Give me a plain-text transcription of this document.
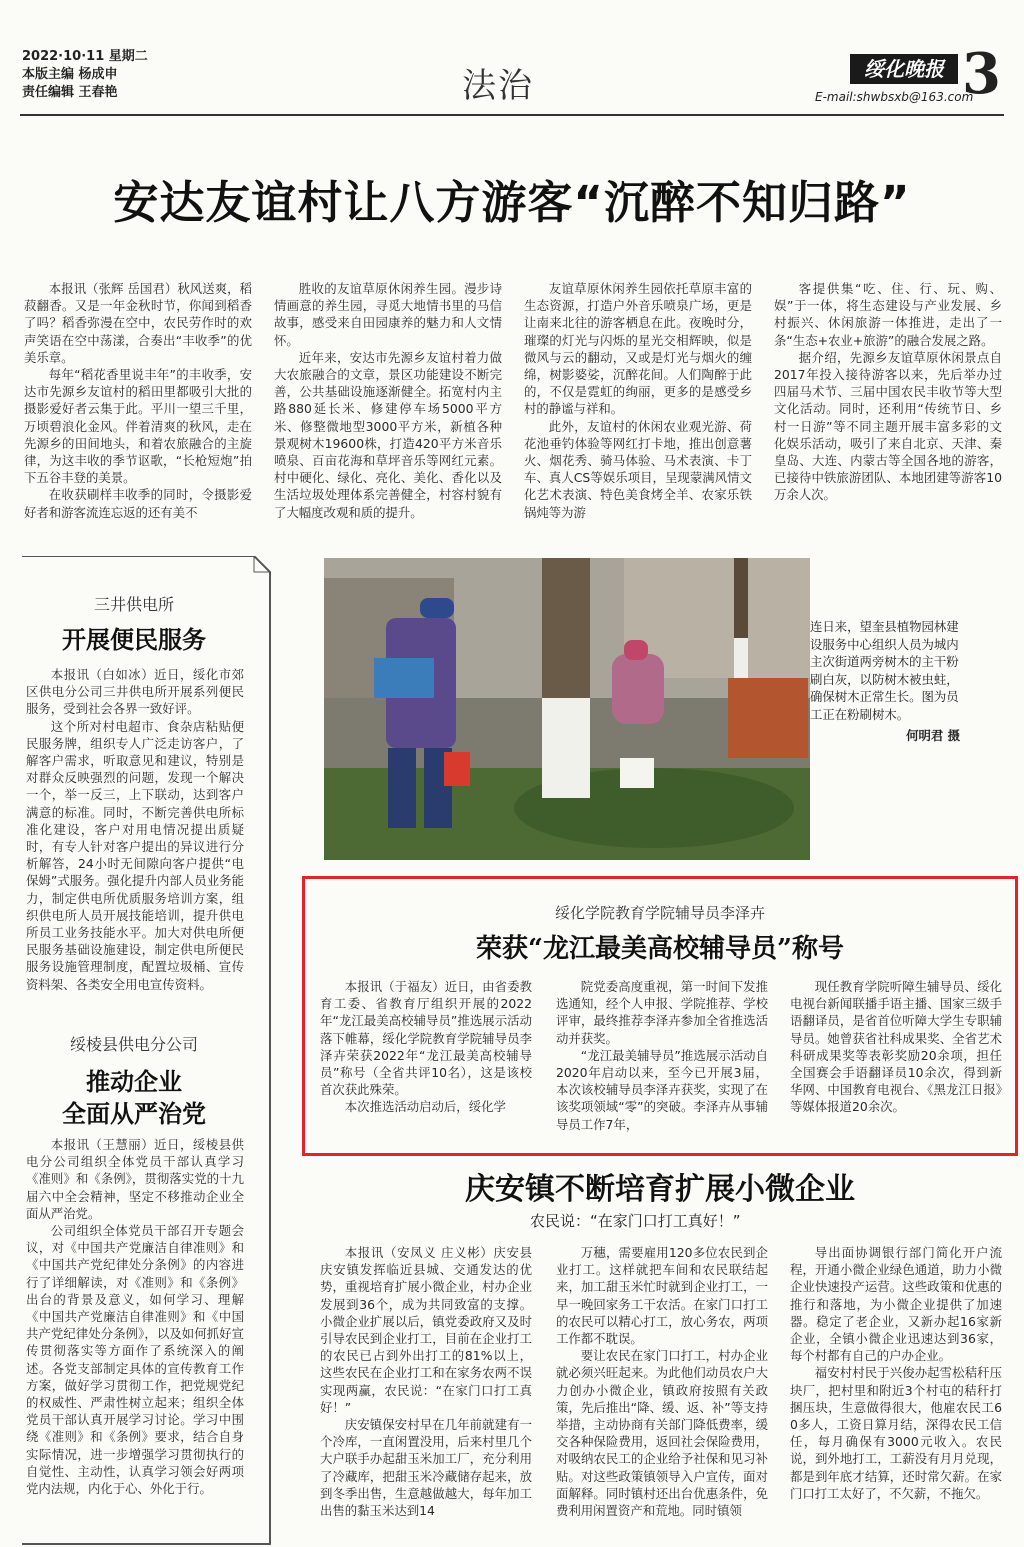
2022·10·11 星期二
本版主编 杨成申
责任编辑 王春艳	法治	绥化晚报
E-mail:shwbsxb@163.com
3
安达友谊村让八方游客“沉醉不知归路”

本报讯（张辉 岳国君）秋风送爽，稻菽翻香。又是一年金秋时节，你闻到稻香了吗？稻香弥漫在空中，农民劳作时的欢声笑语在空中荡漾，合奏出“丰收季”的优美乐章。

每年“稻花香里说丰年”的丰收季，安达市先源乡友谊村的稻田里都吸引大批的摄影爱好者云集于此。平川一望三千里，万顷碧浪化金风。伴着清爽的秋风，走在先源乡的田间地头，和着农旅融合的主旋律，为这丰收的季节讴歌，“长枪短炮”拍下五谷丰登的美景。

在收获刷样丰收季的同时，令摄影爱好者和游客流连忘返的还有美不

胜收的友谊草原休闲养生园。漫步诗情画意的养生园，寻觅大地情书里的马信故事，感受来自田园康养的魅力和人文情怀。

近年来，安达市先源乡友谊村着力做大农旅融合的文章，景区功能建设不断完善，公共基础设施逐渐健全。拓宽村内主路880延长米、修建停车场5000平方米、修整微地型3000平方米，新植各种景观树木19600株，打造420平方米音乐喷泉、百亩花海和草坪音乐等网红元素。村中硬化、绿化、亮化、美化、香化以及生活垃圾处理体系完善健全，村容村貌有了大幅度改观和质的提升。

友谊草原休闲养生园依托草原丰富的生态资源，打造户外音乐喷泉广场，更是让南来北往的游客栖息在此。夜晚时分，璀璨的灯光与闪烁的星光交相辉映，似是微风与云的翻动，又或是灯光与烟火的缠绵，树影婆娑，沉醉花间。人们陶醉于此的，不仅是霓虹的绚丽，更多的是感受乡村的静谧与祥和。

此外，友谊村的休闲农业观光游、荷花池垂钓体验等网红打卡地，推出创意薯火、烟花秀、骑马体验、马术表演、卡丁车、真人CS等娱乐项目，呈现蒙满风情文化艺术表演、特色美食烤全羊、农家乐铁锅炖等为游

客提供集“吃、住、行、玩、购、娱”于一体，将生态建设与产业发展、乡村振兴、休闲旅游一体推进，走出了一条“生态+农业+旅游”的融合发展之路。

据介绍，先源乡友谊草原休闲景点自2017年投入接待游客以来，先后举办过四届马术节、三届中国农民丰收节等大型文化活动。同时，还利用“传统节日、乡村一日游”等不同主题开展丰富多彩的文化娱乐活动，吸引了来自北京、天津、秦皇岛、大连、内蒙古等全国各地的游客，已接待中铁旅游团队、本地团建等游客10万余人次。

三井供电所
开展便民服务

本报讯（白如冰）近日，绥化市郊区供电分公司三井供电所开展系列便民服务，受到社会各界一致好评。

这个所对村电超市、食杂店粘贴便民服务牌，组织专人广泛走访客户，了解客户需求，听取意见和建议，特别是对群众反映强烈的问题，发现一个解决一个，举一反三，上下联动，达到客户满意的标准。同时，不断完善供电所标准化建设，客户对用电情况提出质疑时，有专人针对客户提出的异议进行分析解答，24小时无间隙向客户提供“电保姆”式服务。强化提升内部人员业务能力，制定供电所优质服务培训方案，组织供电所人员开展技能培训，提升供电所员工业务技能水平。加大对供电所便民服务基础设施建设，制定供电所便民服务设施管理制度，配置垃圾桶、宣传资料架、各类安全用电宣传资料。

绥棱县供电分公司
推动企业
全面从严治党

本报讯（王慧丽）近日，绥棱县供电分公司组织全体党员干部认真学习《准则》和《条例》，贯彻落实党的十九届六中全会精神，坚定不移推动企业全面从严治党。

公司组织全体党员干部召开专题会议，对《中国共产党廉洁自律准则》和《中国共产党纪律处分条例》的内容进行了详细解读，对《准则》和《条例》出台的背景及意义，如何学习、理解《中国共产党廉洁自律准则》和《中国共产党纪律处分条例》，以及如何抓好宣传贯彻落实等方面作了系统深入的阐述。各党支部制定具体的宣传教育工作方案，做好学习贯彻工作，把党规党纪的权威性、严肃性树立起来；组织全体党员干部认真开展学习讨论。学习中围绕《准则》和《条例》要求，结合自身实际情况，进一步增强学习贯彻执行的自觉性、主动性，认真学习领会好两项党内法规，内化于心、外化于行。

连日来，望奎县植物园林建设服务中心组织人员为城内主次街道两旁树木的主干粉刷白灰，以防树木被虫蛀，确保树木正常生长。图为员工正在粉刷树木。
何明君 摄
绥化学院教育学院辅导员李泽卉
荣获“龙江最美高校辅导员”称号

本报讯（于福友）近日，由省委教育工委、省教育厅组织开展的2022年“龙江最美高校辅导员”推选展示活动落下帷幕，绥化学院教育学院辅导员李泽卉荣获2022年“龙江最美高校辅导员”称号（全省共评10名），这是该校首次获此殊荣。

本次推选活动启动后，绥化学

院党委高度重视，第一时间下发推选通知，经个人申报、学院推荐、学校评审，最终推荐李泽卉参加全省推选活动并获奖。

“龙江最美辅导员”推选展示活动自2020年启动以来，至今已开展3届，本次该校辅导员李泽卉获奖，实现了在该奖项领域“零”的突破。李泽卉从事辅导员工作7年，

现任教育学院听障生辅导员、绥化电视台新闻联播手语主播、国家三级手语翻译员，是省首位听障大学生专职辅导员。她曾获省社科成果奖、全省艺术科研成果奖等表彰奖励20余项，担任全国赛会手语翻译员10余次，得到新华网、中国教育电视台、《黑龙江日报》等媒体报道20余次。

庆安镇不断培育扩展小微企业
农民说：“在家门口打工真好！”

本报讯（安凤义 庄义彬）庆安县庆安镇发挥临近县城、交通发达的优势，重视培育扩展小微企业，村办企业发展到36个，成为共同致富的支撑。小微企业扩展以后，镇党委政府又及时引导农民到企业打工，目前在企业打工的农民已占到外出打工的81%以上，这些农民在企业打工和在家务农两不误实现两赢，农民说：“在家门口打工真好！”

庆安镇保安村早在几年前就建有一个冷库，一直闲置没用，后来村里几个大户联手办起甜玉米加工厂，充分利用了冷藏库，把甜玉米冷藏储存起来，放到冬季出售，生意越做越大，每年加工出售的黏玉米达到14

万穗，需要雇用120多位农民到企业打工。这样就把车间和农民联结起来，加工甜玉米忙时就到企业打工，一早一晚回家务工干农活。在家门口打工的农民可以精心打工，放心务农，两项工作都不耽误。

要让农民在家门口打工，村办企业就必须兴旺起来。为此他们动员农户大力创办小微企业，镇政府按照有关政策，先后推出“降、缓、返、补”等支持举措，主动协商有关部门降低费率，缓交各种保险费用，返回社会保险费用，对吸纳农民工的企业给予社保和见习补贴。对这些政策镇领导入户宣传，面对面解释。同时镇村还出台优惠条件，免费利用闲置资产和荒地。同时镇领

导出面协调银行部门简化开户流程，开通小微企业绿色通道，助力小微企业快速投产运营。这些政策和优惠的推行和落地，为小微企业提供了加速器。稳定了老企业，又新办起16家新企业，全镇小微企业迅速达到36家，每个村都有自己的户办企业。

福安村村民于兴俊办起雪松秸秆压块厂，把村里和附近3个村屯的秸秆打捆压块，生意做得很大，他雇农民工60多人，工资日算月结，深得农民工信任，每月确保有3000元收入。农民说，到外地打工，工薪没有月月兑现，都是到年底才结算，还时常欠薪。在家门口打工太好了，不欠薪，不拖欠。
